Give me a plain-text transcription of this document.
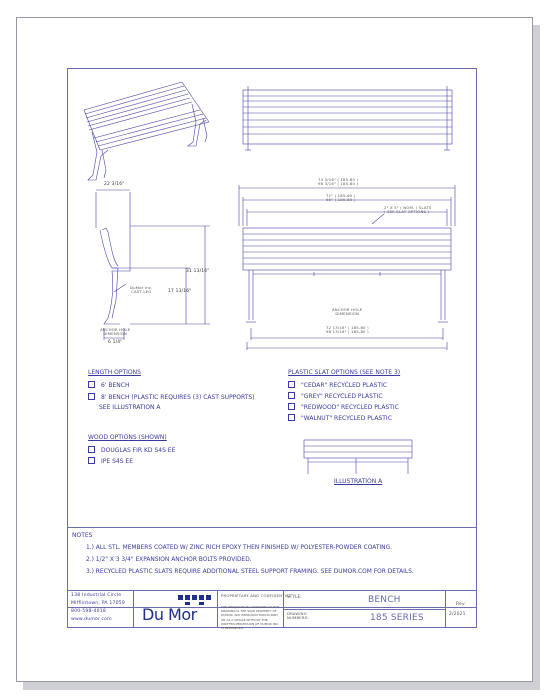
22 3/16"
31 13/16"
17 13/16"
DuMor Inc.
CAST LEG
ANCHOR HOLE
DIMENSION
6 1/4"
74 3/16" ( 185-60 )
98 3/16" ( 185-80 )
71" ( 185-60 )
95" ( 185-80 )
2" X 5" ( NOM. ) SLATS
( SEE SLAT OPTIONS )
ANCHOR HOLE
DIMENSION
72 13/16" ( 185-60 )
96 13/16" ( 185-80 )
LENGTH OPTIONS
6' BENCH
8' BENCH (PLASTIC REQUIRES (3) CAST SUPPORTS)
SEE ILLUSTRATION A
PLASTIC SLAT OPTIONS (SEE NOTE 3)
"CEDAR" RECYCLED PLASTIC
"GREY" RECYCLED PLASTIC
"REDWOOD" RECYCLED PLASTIC
"WALNUT" RECYCLED PLASTIC
WOOD OPTIONS (SHOWN)
DOUGLAS FIR KD S4S EE
IPE S4S EE
ILLUSTRATION A
NOTES
1.) ALL STL. MEMBERS COATED W/ ZINC RICH EPOXY THEN FINISHED W/ POLYESTER-POWDER COATING.
2.) 1/2" X 3 3/4" EXPANSION ANCHOR BOLTS PROVIDED.
3.) RECYCLED PLASTIC SLATS REQUIRE ADDITIONAL STEEL SUPPORT FRAMING. SEE DUMOR.COM FOR DETAILS.
138 Industrial Circle
Mifflintown, PA 17059
800-598-4018
www.dumor.com Du Mor
PROPRIETARY AND CONFIDENTIAL
THE INFORMATION CONTAINED IN THIS DRAWING IS THE SOLE PROPERTY OF DUMOR. ANY REPRODUCTION IN PART OR AS A WHOLE WITHOUT THE WRITTEN PERMISSION OF DUMOR INC. IS PROHIBITED.
STYLE:	BENCH
DRAWING
NUMBERS:	185 SERIES
Rev.
2/2021
